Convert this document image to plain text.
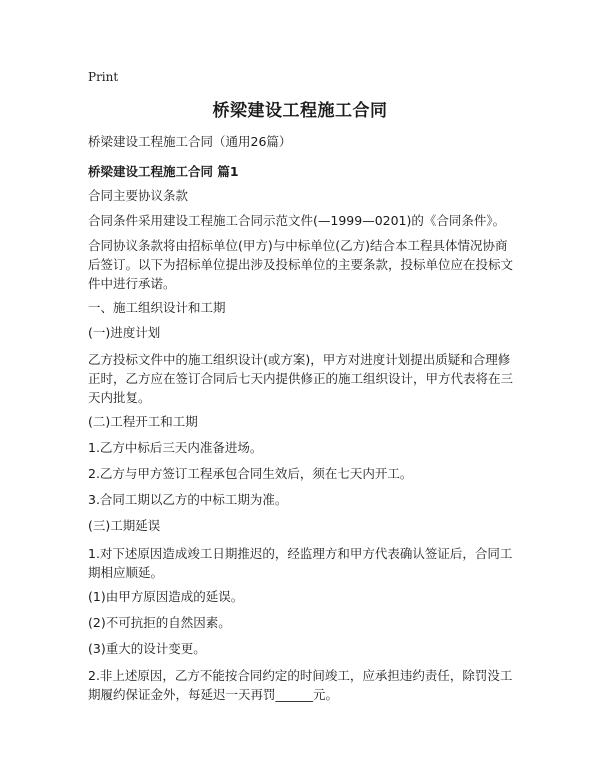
Print
桥梁建设工程施工合同

桥梁建设工程施工合同（通用26篇）

桥梁建设工程施工合同 篇1

合同主要协议条款

合同条件采用建设工程施工合同示范文件(—1999—0201)的《合同条件》。

合同协议条款将由招标单位(甲方)与中标单位(乙方)结合本工程具体情况协商后签订。以下为招标单位提出涉及投标单位的主要条款，投标单位应在投标文件中进行承诺。

一、施工组织设计和工期

(一)进度计划

乙方投标文件中的施工组织设计(或方案)，甲方对进度计划提出质疑和合理修正时，乙方应在签订合同后七天内提供修正的施工组织设计，甲方代表将在三天内批复。

(二)工程开工和工期

1.乙方中标后三天内准备进场。

2.乙方与甲方签订工程承包合同生效后，须在七天内开工。

3.合同工期以乙方的中标工期为准。

(三)工期延误

1.对下述原因造成竣工日期推迟的，经监理方和甲方代表确认签证后，合同工期相应顺延。

(1)由甲方原因造成的延误。

(2)不可抗拒的自然因素。

(3)重大的设计变更。

2.非上述原因，乙方不能按合同约定的时间竣工，应承担违约责任，除罚没工期履约保证金外，每延迟一天再罚______元。
